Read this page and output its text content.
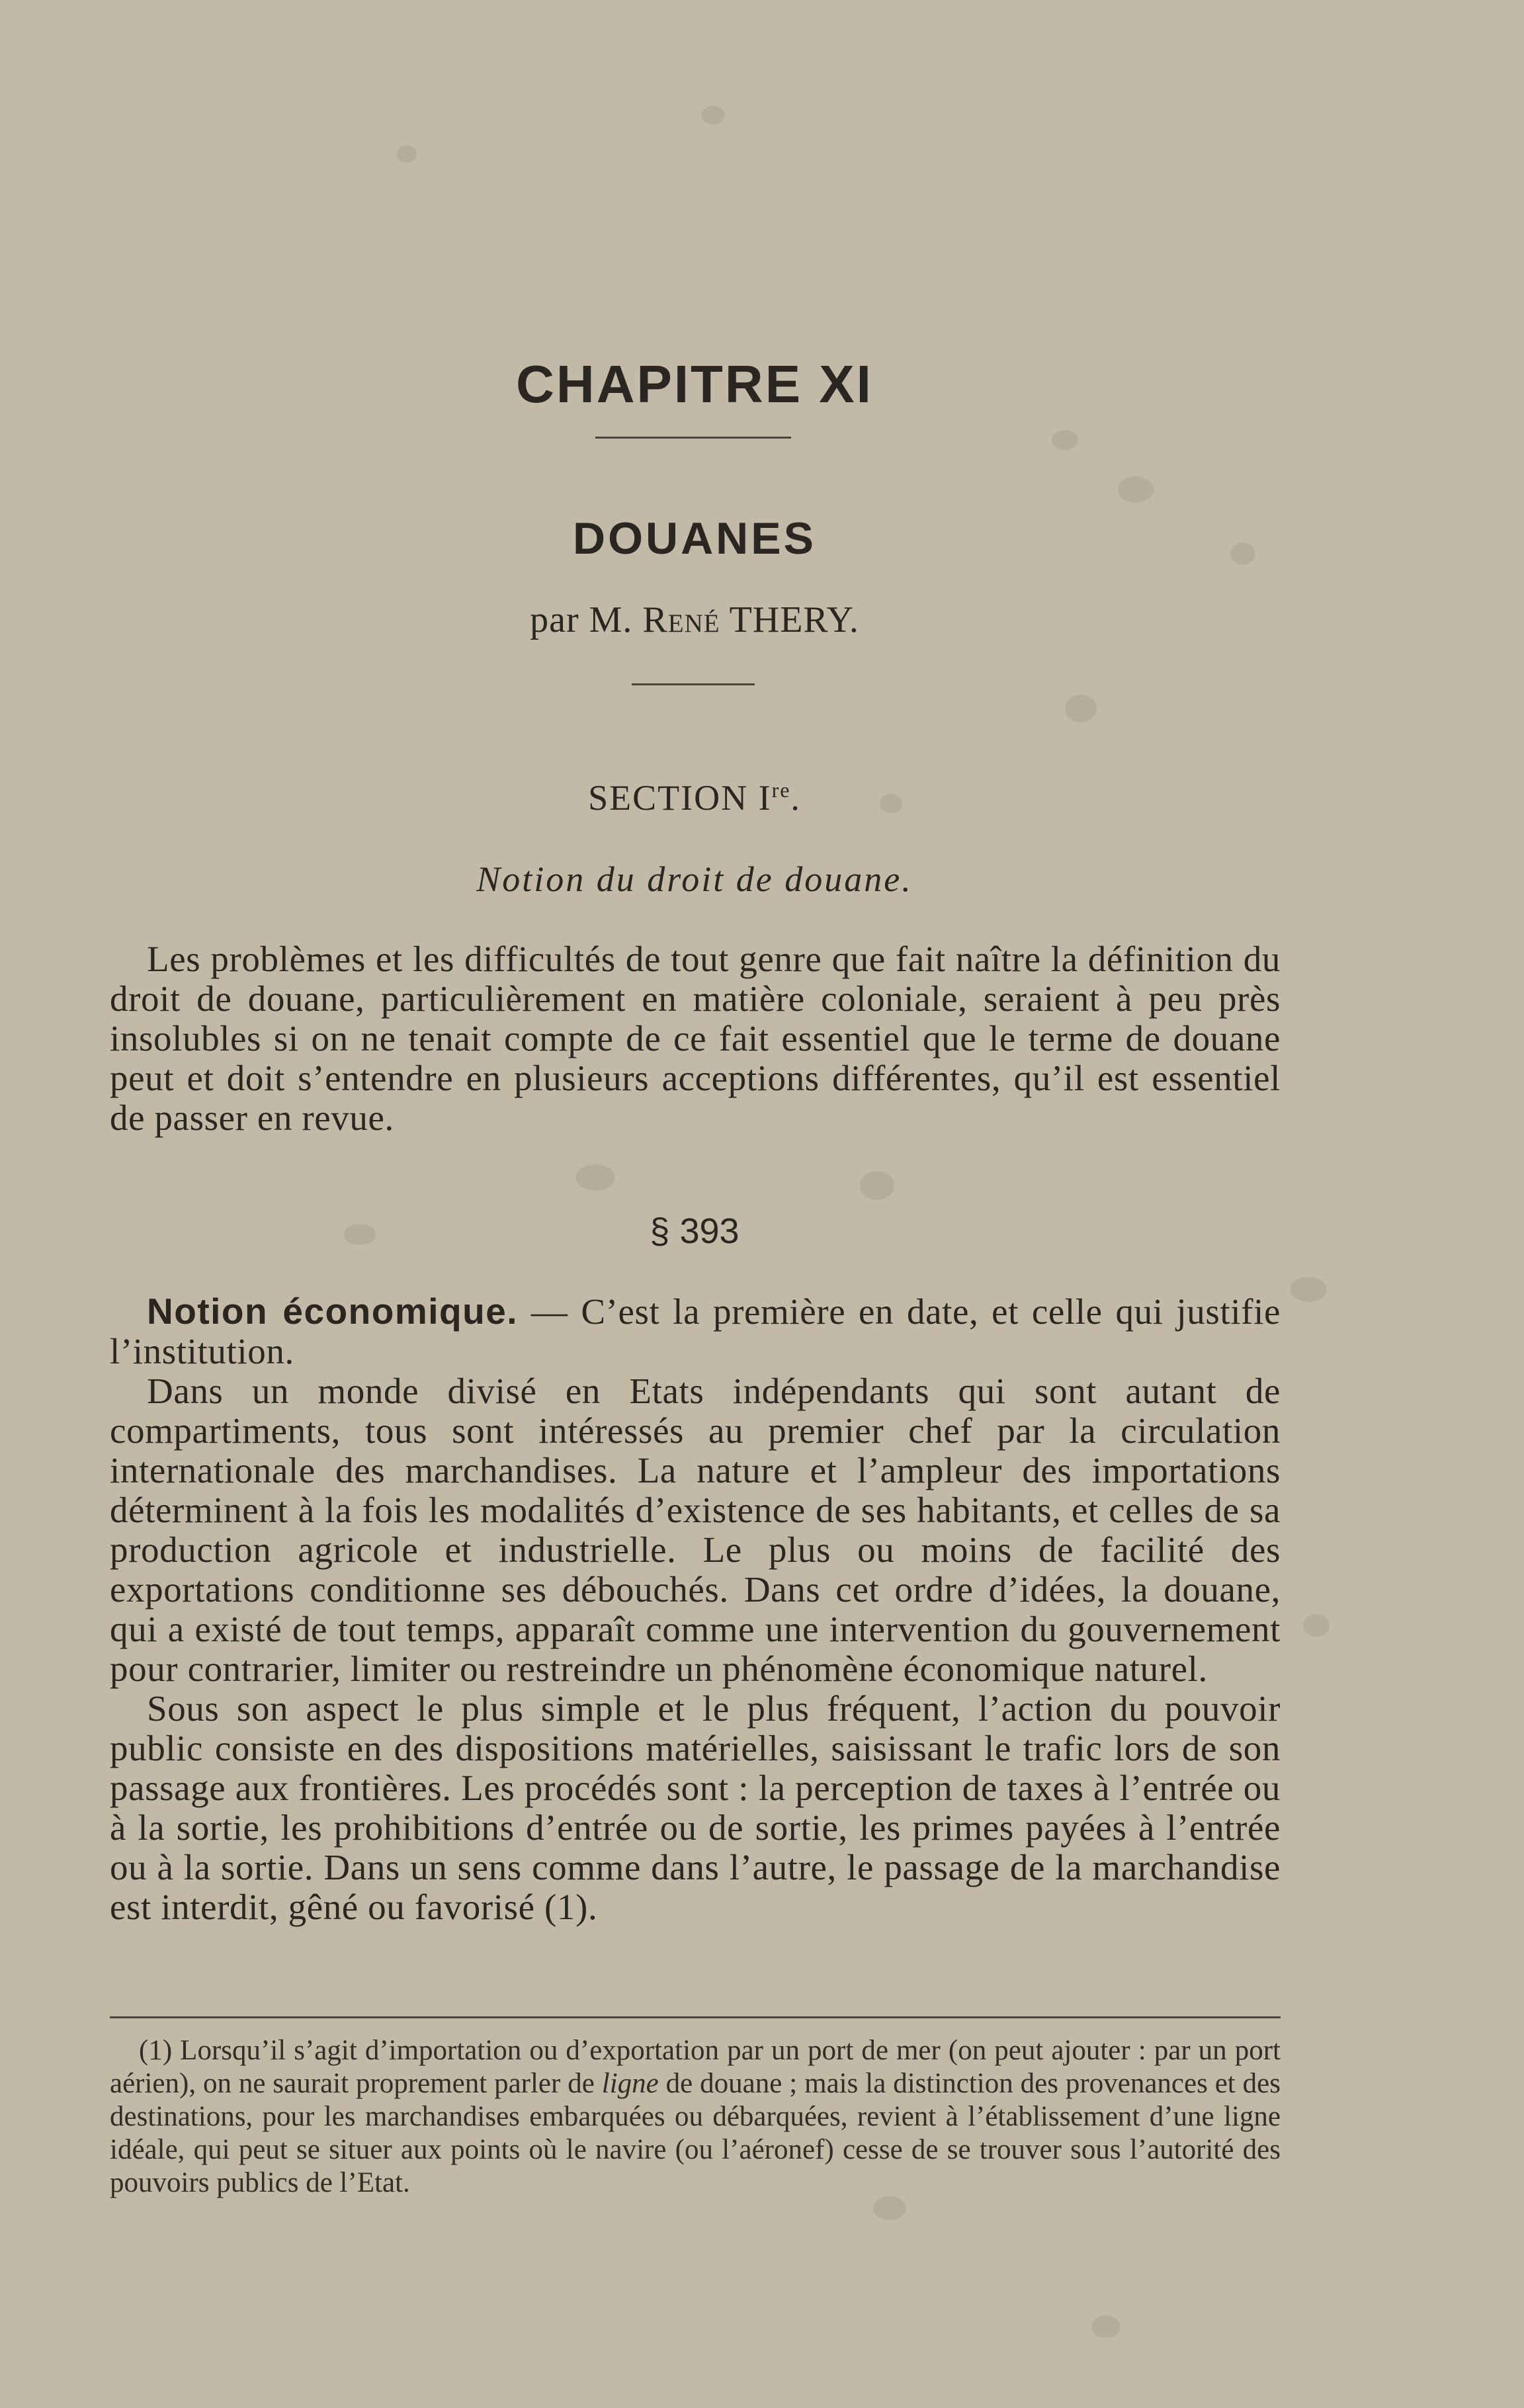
CHAPITRE XI
DOUANES
par M. René THERY.
SECTION Ire.
Notion du droit de douane.

Les problèmes et les difficultés de tout genre que fait naître la définition du droit de douane, particulièrement en matière coloniale, seraient à peu près insolubles si on ne tenait compte de ce fait essentiel que le terme de douane peut et doit s’entendre en plusieurs acceptions différentes, qu’il est essentiel de passer en revue.

§ 393

Notion économique. — C’est la première en date, et celle qui justifie l’institution.

Dans un monde divisé en Etats indépendants qui sont autant de compartiments, tous sont intéressés au premier chef par la circulation internationale des marchandises. La nature et l’ampleur des importations déterminent à la fois les modalités d’existence de ses habitants, et celles de sa production agricole et industrielle. Le plus ou moins de facilité des exportations conditionne ses débouchés. Dans cet ordre d’idées, la douane, qui a existé de tout temps, apparaît comme une intervention du gouvernement pour contrarier, limiter ou restreindre un phénomène économique naturel.

Sous son aspect le plus simple et le plus fréquent, l’action du pouvoir public consiste en des dispositions matérielles, saisissant le trafic lors de son passage aux frontières. Les procédés sont : la perception de taxes à l’entrée ou à la sortie, les prohibitions d’entrée ou de sortie, les primes payées à l’entrée ou à la sortie. Dans un sens comme dans l’autre, le passage de la marchandise est interdit, gêné ou favorisé (1).

(1) Lorsqu’il s’agit d’importation ou d’exportation par un port de mer (on peut ajouter : par un port aérien), on ne saurait proprement parler de ligne de douane ; mais la distinction des provenances et des destinations, pour les marchandises embarquées ou débarquées, revient à l’établissement d’une ligne idéale, qui peut se situer aux points où le navire (ou l’aéronef) cesse de se trouver sous l’autorité des pouvoirs publics de l’Etat.
